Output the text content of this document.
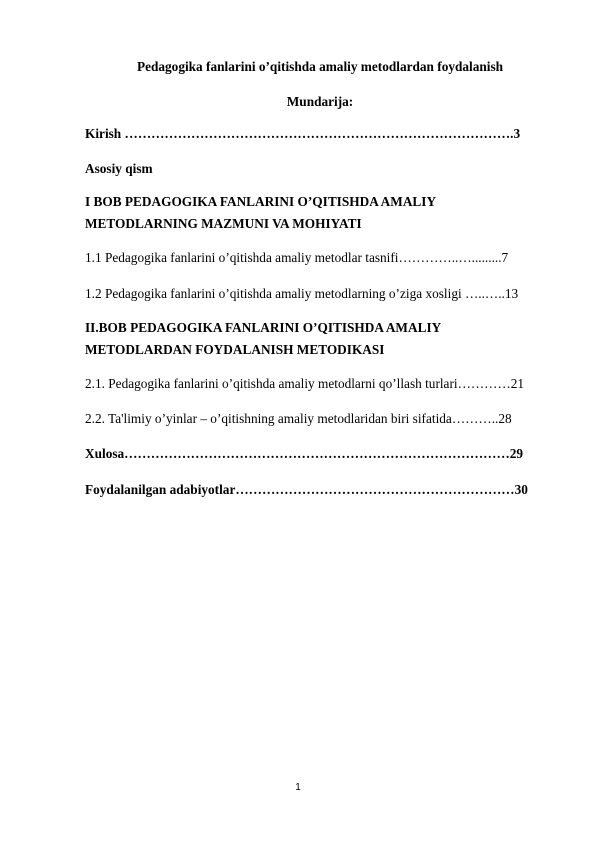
Pedagogika fanlarini o’qitishda amaliy metodlardan foydalanish
Mundarija:
Kirish …………………………………………………………………………….3
Asosiy qism
I BOB PEDAGOGIKA FANLARINI O’QITISHDA AMALIY
METODLARNING MAZMUNI VA MOHIYATI
1.1 Pedagogika fanlarini o’qitishda amaliy metodlar tasnifi…………..….........7
1.2 Pedagogika fanlarini o’qitishda amaliy metodlarning o’ziga xosligi …..…..13
II.BOB PEDAGOGIKA FANLARINI O’QITISHDA AMALIY
METODLARDAN FOYDALANISH METODIKASI
2.1. Pedagogika fanlarini o’qitishda amaliy metodlarni qo’llash turlari…………21
2.2. Ta'limiy o’yinlar – o’qitishning amaliy metodlaridan biri sifatida………..28
Xulosa……………………………………………………………………………29
Foydalanilgan adabiyotlar………………………………………………………30
1
